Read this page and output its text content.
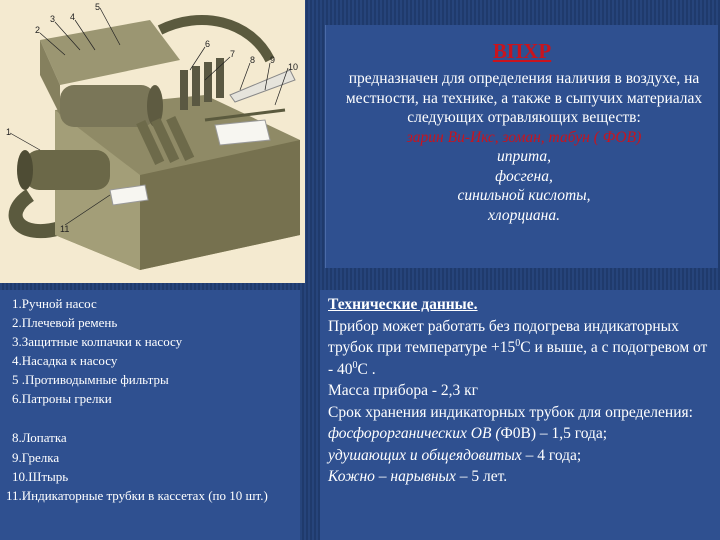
1
2
3 4
5
6
7
8 9
10
11
ВПХР
предназначен для определения наличия в воздухе, на местности, на технике, а также в сыпучих материалах следующих отравляющих веществ:
зарин Ви-Икс, зоман, табун ( ФОВ)
иприта,
фосгена,
синильной кислоты,
хлорциана.
1.Ручной насос
2.Плечевой ремень
3.Защитные колпачки к насосу
4.Насадка к насосу
5 .Противодымные фильтры
6.Патроны грелки
8.Лопатка
9.Грелка
10.Штырь
11.Индикаторные трубки в кассетах (по 10 шт.)
Технические данные.
Прибор может работать без подогрева индикаторных трубок при температуре $+15^0С$ и выше, а с подогревом от - $40^0С$ .
Масса прибора - 2,3 кг
Срок хранения индикаторных трубок для определения:
фосфорорганических ОВ (Ф0В) – 1,5 года;
удушающих и общеядовитых – 4 года;
Кожно – нарывных – 5 лет.
